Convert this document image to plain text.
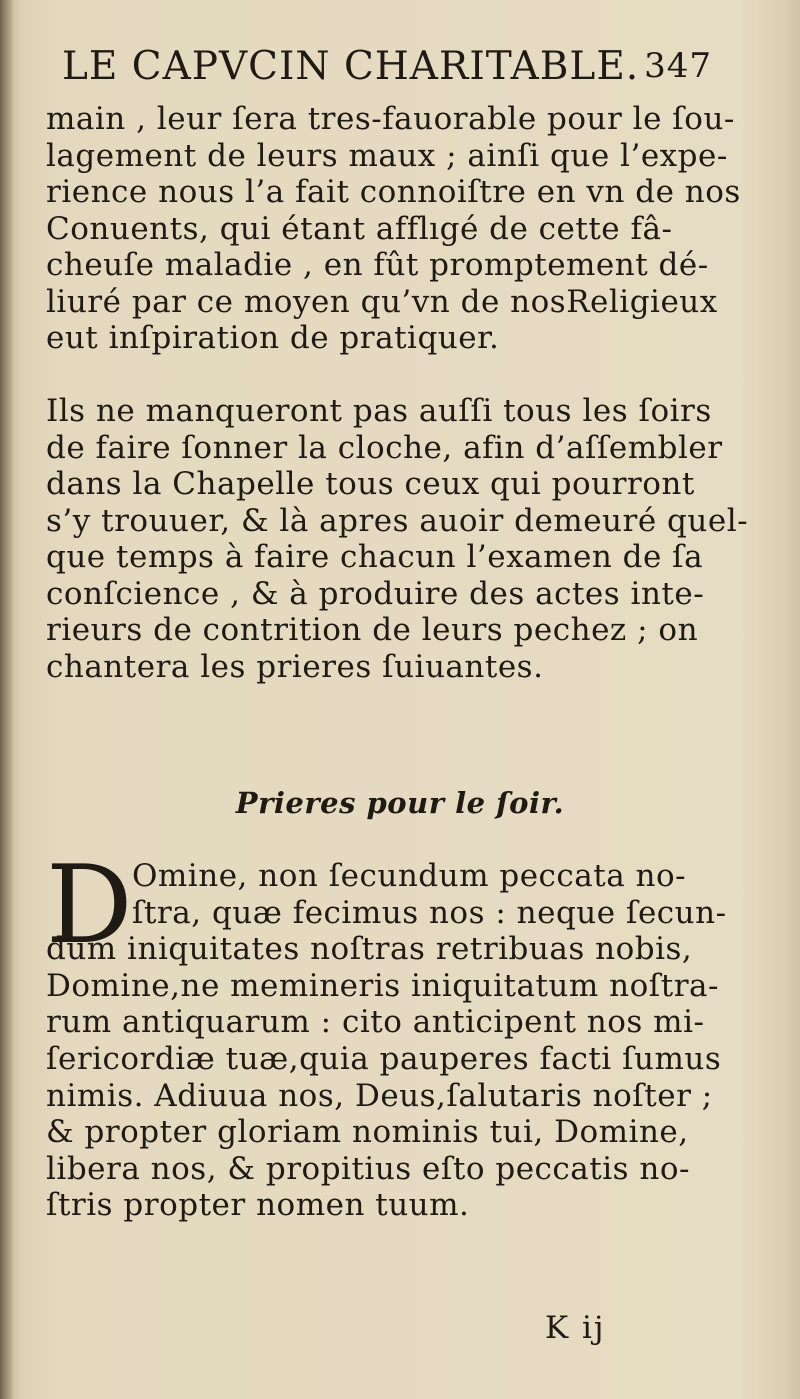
LE CAPVCIN CHARITABLE. 347
main , leur ſera tres-fauorable pour le ſou-
lagement de leurs maux ; ainſi que l’expe-
rience nous l’a fait connoiſtre en vn de nos
Conuents, qui étant afflıgé de cette fâ-
cheuſe maladie , en fût promptement dé-
liuré par ce moyen qu’vn de nosReligieux
eut inſpiration de pratiquer.
Ils ne manqueront pas auſſi tous les ſoirs
de faire ſonner la cloche, afin d’aſſembler
dans la Chapelle tous ceux qui pourront
s’y trouuer, & là apres auoir demeuré quel-
que temps à faire chacun l’examen de ſa
conſcience , & à produire des actes inte-
rieurs de contrition de leurs pechez ; on
chantera les prieres ſuiuantes.
Prieres pour le ſoir.
D
Omine, non ſecundum peccata no-
ſtra, quæ fecimus nos : neque ſecun-
dum iniquitates noſtras retribuas nobis,
Domine,ne memineris iniquitatum noſtra-
rum antiquarum : cito anticipent nos mi-
ſericordiæ tuæ,quia pauperes facti ſumus
nimis. Adiuua nos, Deus,ſalutaris noſter ;
& propter gloriam nominis tui, Domine,
libera nos, & propitius eſto peccatis no-
ſtris propter nomen tuum.
K ij
